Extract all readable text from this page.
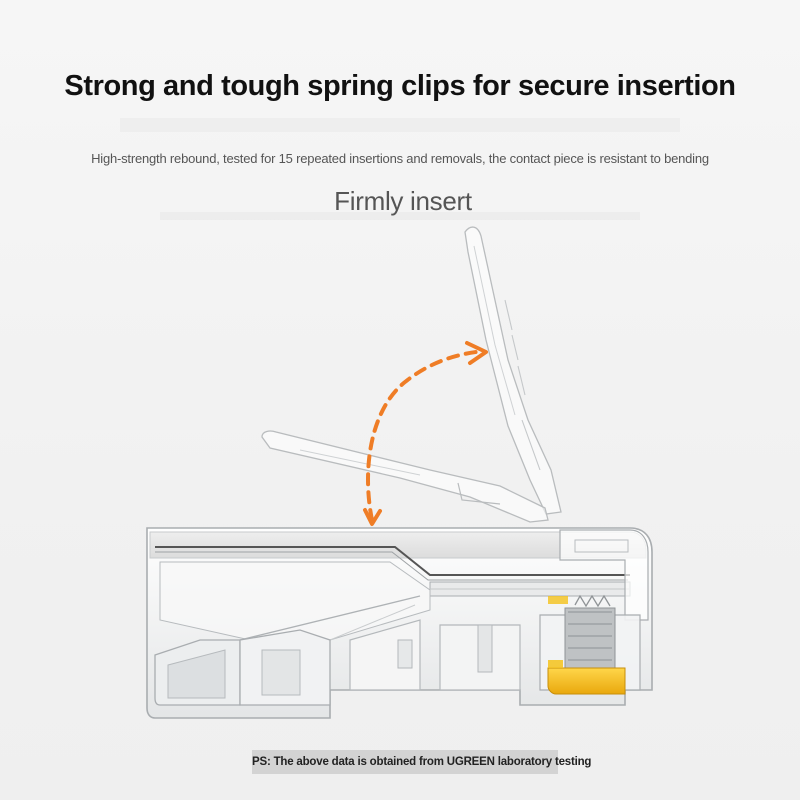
Strong and tough spring clips for secure insertion
High-strength rebound, tested for 15 repeated insertions and removals, the contact piece is resistant to bending
Firmly insert
PS: The above data is obtained from UGREEN laboratory testing
